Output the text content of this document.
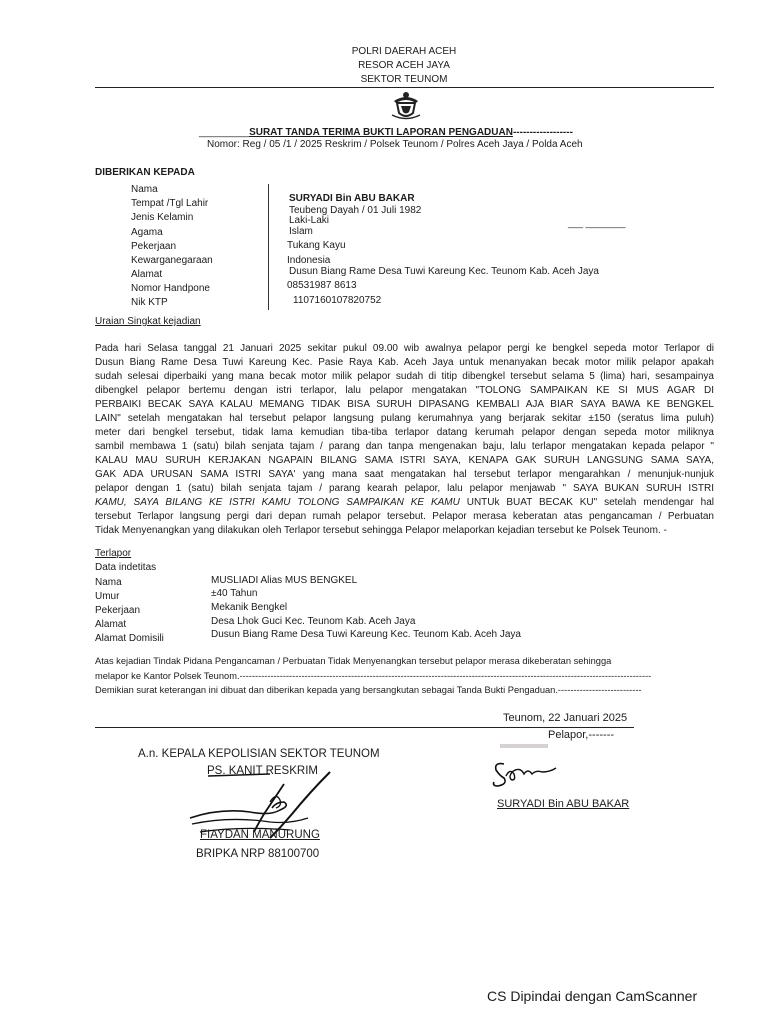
POLRI DAERAH ACEH
RESOR ACEH JAYA
SEKTOR TEUNOM
_________SURAT TANDA TERIMA BUKTI LAPORAN PENGADUAN------------------
Nomor: Reg / 05 /1 / 2025 Reskrim / Polsek Teunom / Polres Aceh Jaya / Polda Aceh
DIBERIKAN KEPADA
Nama
Tempat /Tgl Lahir
Jenis Kelamin
Agama
Pekerjaan
Kewarganegaraan
Alamat
Nomor Handpone
Nik KTP
SURYADI Bin ABU BAKAR
Teubeng Dayah / 01 Juli 1982
Laki-Laki
Islam
Tukang Kayu
Indonesia
Dusun Biang Rame Desa Tuwi Kareung Kec. Teunom Kab. Aceh Jaya
08531987 8613
1107160107820752
___ ________
Uraian Singkat kejadian

Pada hari Selasa tanggal 21 Januari 2025 sekitar pukul 09.00 wib awalnya pelapor pergi ke bengkel sepeda motor Terlapor di

Dusun Biang Rame Desa Tuwi Kareung Kec. Pasie Raya Kab. Aceh Jaya untuk menanyakan becak motor milik pelapor apakah

sudah selesai diperbaiki yang mana becak motor milik pelapor sudah di titip dibengkel tersebut selama 5 (lima) hari, sesampainya

dibengkel pelapor bertemu dengan istri terlapor, lalu pelapor mengatakan "TOLONG SAMPAIKAN KE SI MUS AGAR DI

PERBAIKI BECAK SAYA KALAU MEMANG TIDAK BISA SURUH DIPASANG KEMBALI AJA BIAR SAYA BAWA KE BENGKEL

LAIN" setelah mengatakan hal tersebut pelapor langsung pulang kerumahnya yang berjarak sekitar ±150 (seratus lima puluh)

meter dari bengkel tersebut, tidak lama kemudian tiba-tiba terlapor datang kerumah pelapor dengan sepeda motor miliknya

sambil membawa 1 (satu) bilah senjata tajam / parang dan tanpa mengenakan baju, lalu terlapor mengatakan kepada pelapor "

KALAU MAU SURUH KERJAKAN NGAPAIN BILANG SAMA ISTRI SAYA, KENAPA GAK SURUH LANGSUNG SAMA SAYA,

GAK ADA URUSAN SAMA ISTRI SAYA' yang mana saat mengatakan hal tersebut terlapor mengarahkan / menunjuk-nunjuk

pelapor dengan 1 (satu) bilah senjata tajam / parang kearah pelapor, lalu pelapor menjawab " SAYA BUKAN SURUH ISTRI

KAMU, SAYA BILANG KE ISTRI KAMU TOLONG SAMPAIKAN KE KAMU UNTUk BUAT BECAK KU" setelah mendengar hal

tersebut Terlapor langsung pergi dari depan rumah pelapor tersebut. Pelapor merasa keberatan atas pengancaman / Perbuatan

Tidak Menyenangkan yang dilakukan oleh Terlapor tersebut sehingga Pelapor melaporkan kejadian tersebut ke Polsek Teunom. -

Terlapor
Data indetitas
Nama
Umur
Pekerjaan
Alamat
Alamat Domisili
MUSLIADI Alias MUS BENGKEL
±40 Tahun
Mekanik Bengkel
Desa Lhok Guci Kec. Teunom Kab. Aceh Jaya
Dusun Biang Rame Desa Tuwi Kareung Kec. Teunom Kab. Aceh Jaya
Atas kejadian Tindak Pidana Pengancaman / Perbuatan Tidak Menyenangkan tersebut pelapor merasa dikeberatan sehingga
melapor ke Kantor Polsek Teunom.-------------------------------------------------------------------------------------------------------------------------------------
Demikian surat keterangan ini dibuat dan diberikan kepada yang bersangkutan sebagai Tanda Bukti Pengaduan.---------------------------
Teunom, 22 Januari 2025
Pelapor,-------
SURYADI Bin ABU BAKAR
A.n. KEPALA KEPOLISIAN SEKTOR TEUNOM
PS. KANIT RESKRIM
FIAYDAN MANURUNG
BRIPKA NRP 88100700
CS Dipindai dengan CamScanner
